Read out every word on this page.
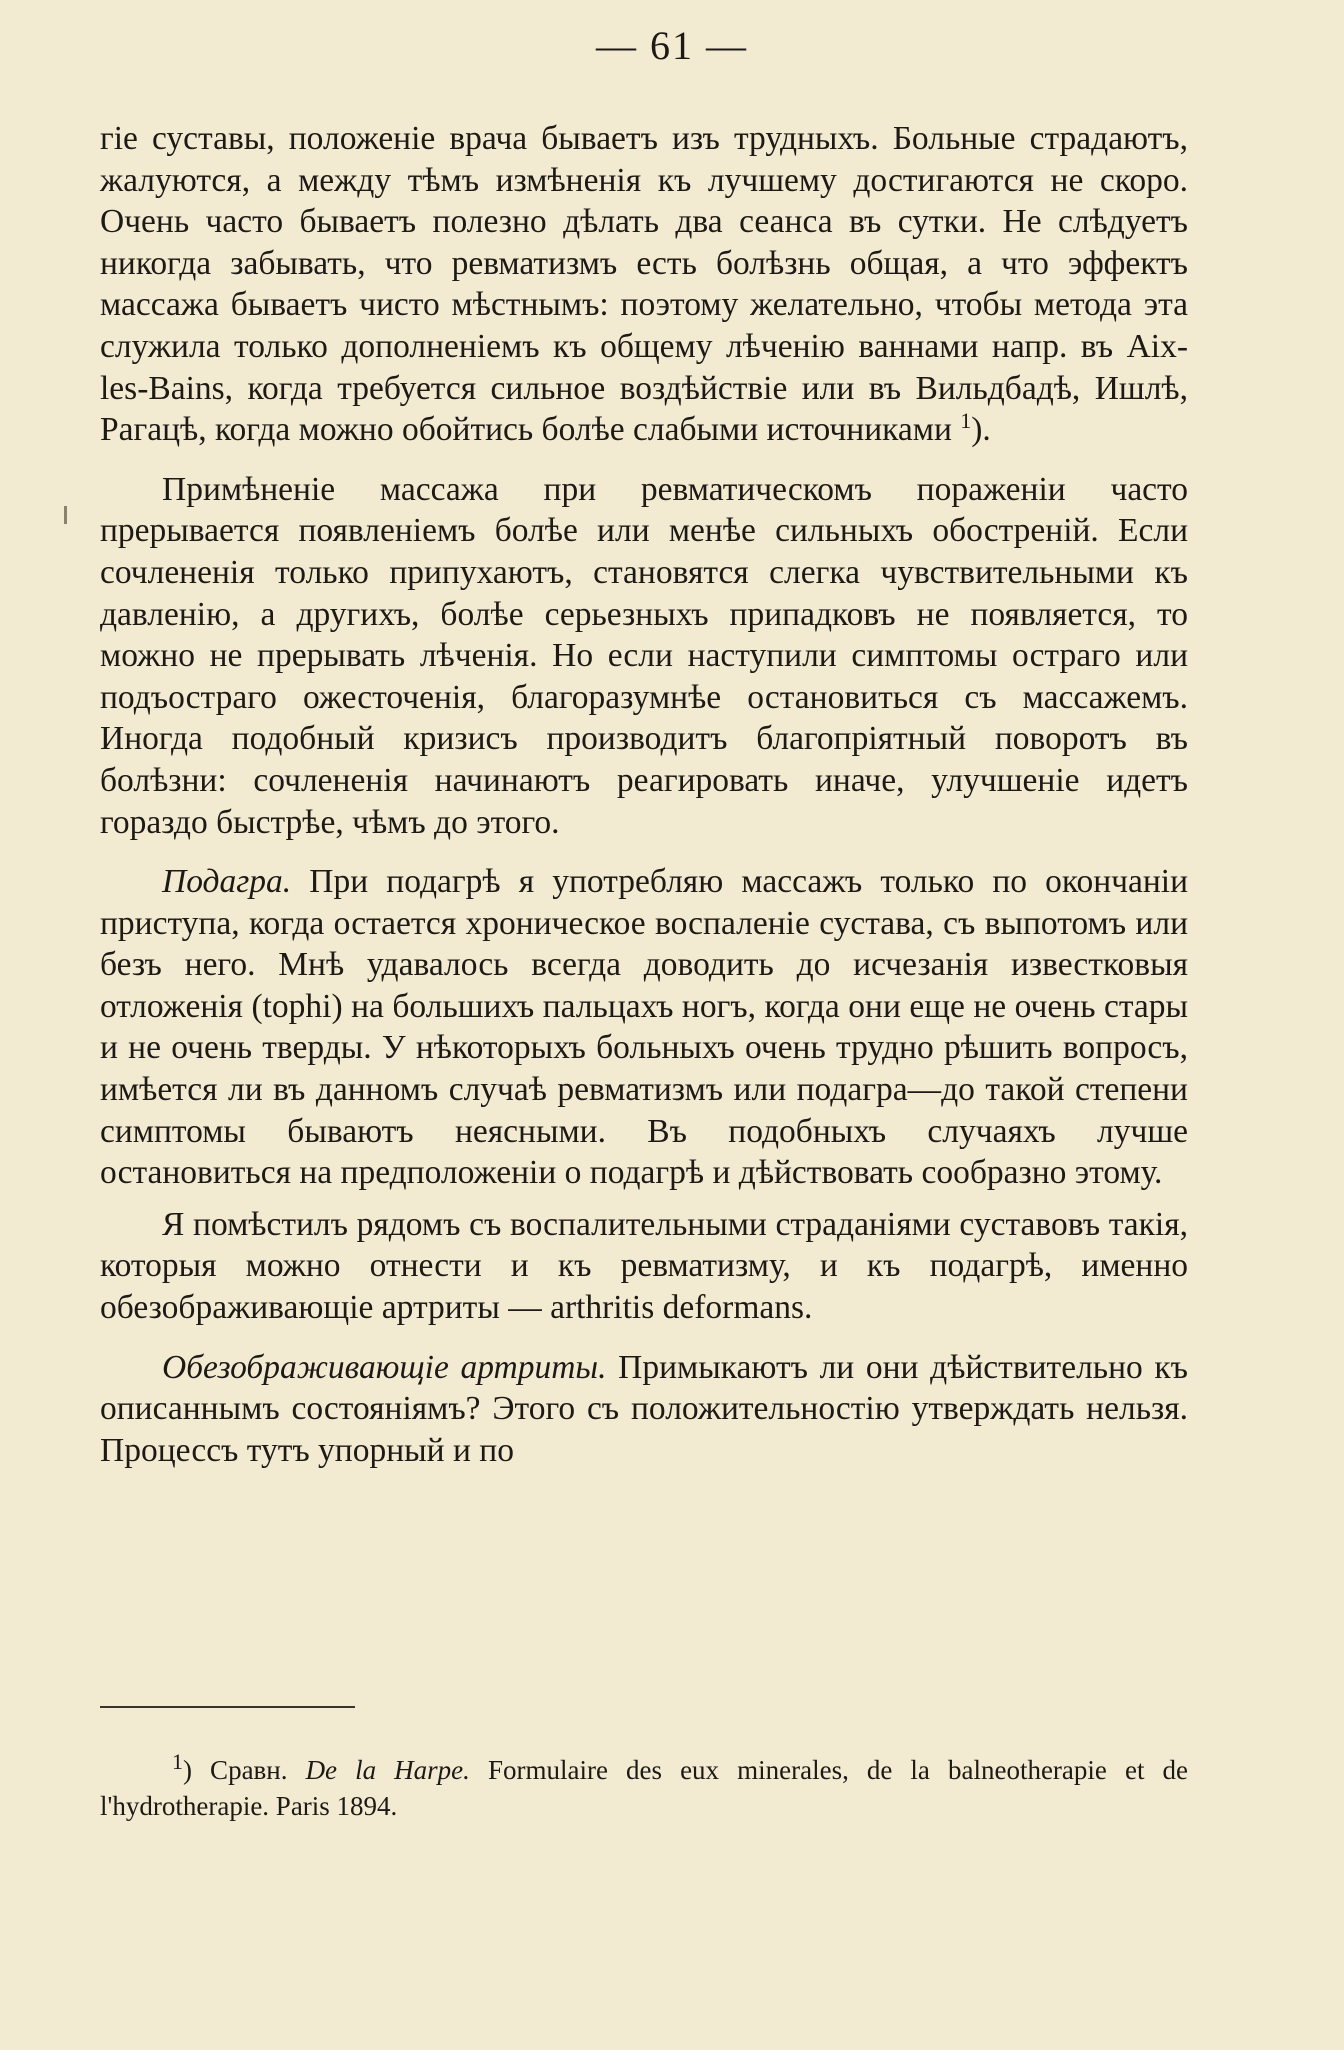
— 61 —

гіе суставы, положеніе врача бываетъ изъ трудныхъ. Больные страдаютъ, жалуются, а между тѣмъ измѣненія къ лучшему достигаются не скоро. Очень часто бываетъ полезно дѣлать два сеанса въ сутки. Не слѣдуетъ никогда забывать, что ревматизмъ есть болѣзнь общая, а что эффектъ массажа бываетъ чисто мѣстнымъ: поэтому желательно, чтобы метода эта служила только дополненіемъ къ общему лѣченію ваннами напр. въ Aix-les-Bains, когда требуется сильное воздѣйствіе или въ Вильдбадѣ, Ишлѣ, Рагацѣ, когда можно обойтись болѣе слабыми источниками $^1$).

Примѣненіе массажа при ревматическомъ пораженіи часто прерывается появленіемъ болѣе или менѣе сильныхъ обостреній. Если сочлененія только припухаютъ, становятся слегка чувствительными къ давленію, а другихъ, болѣе серьезныхъ припадковъ не появляется, то можно не прерывать лѣченія. Но если наступили симптомы остраго или подъостраго ожесточенія, благоразумнѣе остановиться съ массажемъ. Иногда подобный кризисъ производитъ благопріятный поворотъ въ болѣзни: сочлененія начинаютъ реагировать иначе, улучшеніе идетъ гораздо быстрѣе, чѣмъ до этого.

Подагра. При подагрѣ я употребляю массажъ только по окончаніи приступа, когда остается хроническое воспаленіе сустава, съ выпотомъ или безъ него. Мнѣ удавалось всегда доводить до исчезанія известковыя отложенія (tophi) на большихъ пальцахъ ногъ, когда они еще не очень стары и не очень тверды. У нѣкоторыхъ больныхъ очень трудно рѣшить вопросъ, имѣется ли въ данномъ случаѣ ревматизмъ или подагра—до такой степени симптомы бываютъ неясными. Въ подобныхъ случаяхъ лучше остановиться на предположеніи о подагрѣ и дѣйствовать сообразно этому.

Я помѣстилъ рядомъ съ воспалительными страданіями суставовъ такія, которыя можно отнести и къ ревматизму, и къ подагрѣ, именно обезображивающіе артриты — arthritis deformans.

Обезображивающіе артриты. Примыкаютъ ли они дѣйствительно къ описаннымъ состояніямъ? Этого съ положительностію утверждать нельзя. Процессъ тутъ упорный и по

$^1$) Сравн. De la Harpe. Formulaire des eux minerales, de la balneotherapie et de l'hydrotherapie. Paris 1894.
